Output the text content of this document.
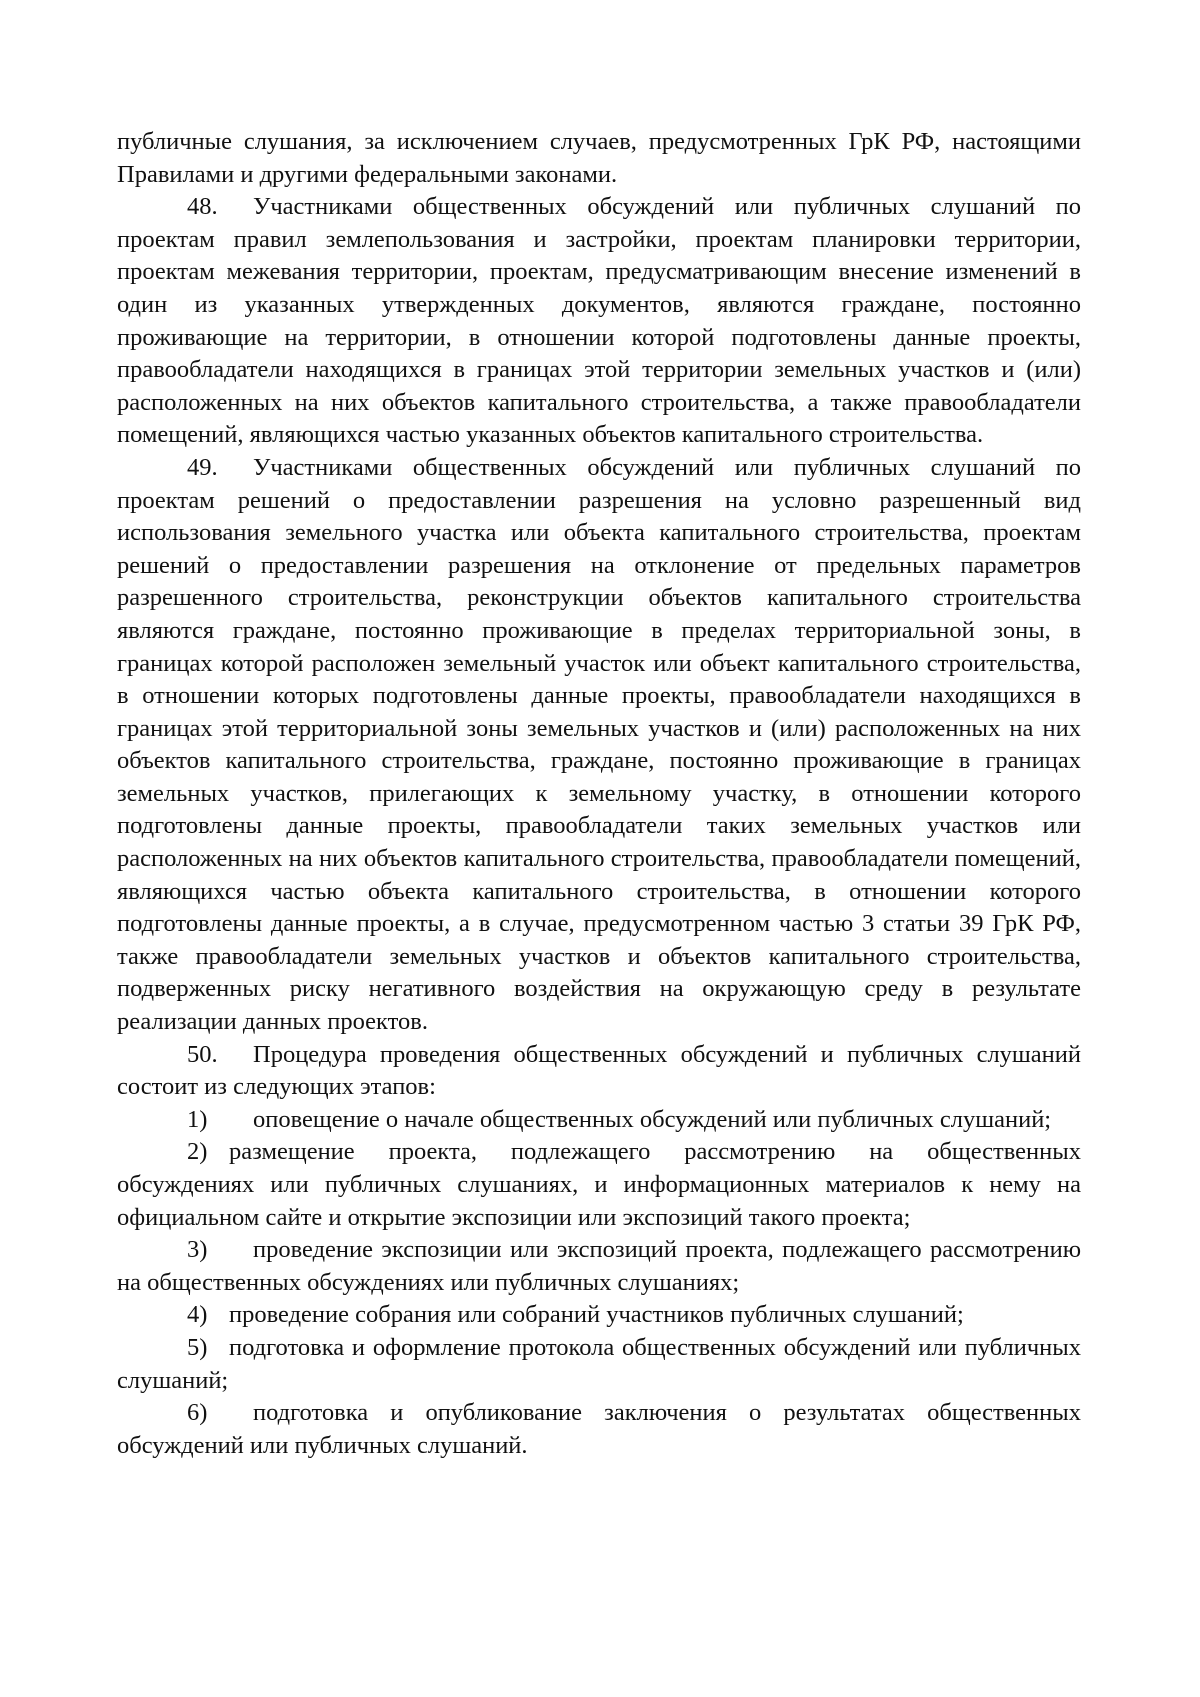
публичные слушания, за исключением случаев, предусмотренных ГрК РФ, настоящими Правилами и другими федеральными законами.

48. Участниками общественных обсуждений или публичных слушаний по проектам правил землепользования и застройки, проектам планировки территории, проектам межевания территории, проектам, предусматривающим внесение изменений в один из указанных утвержденных документов, являются граждане, постоянно проживающие на территории, в отношении которой подготовлены данные проекты, правообладатели находящихся в границах этой территории земельных участков и (или) расположенных на них объектов капитального строительства, а также правообладатели помещений, являющихся частью указанных объектов капитального строительства.

49. Участниками общественных обсуждений или публичных слушаний по проектам решений о предоставлении разрешения на условно разрешенный вид использования земельного участка или объекта капитального строительства, проектам решений о предоставлении разрешения на отклонение от предельных параметров разрешенного строительства, реконструкции объектов капитального строительства являются граждане, постоянно проживающие в пределах территориальной зоны, в границах которой расположен земельный участок или объект капитального строительства, в отношении которых подготовлены данные проекты, правообладатели находящихся в границах этой территориальной зоны земельных участков и (или) расположенных на них объектов капитального строительства, граждане, постоянно проживающие в границах земельных участков, прилегающих к земельному участку, в отношении которого подготовлены данные проекты, правообладатели таких земельных участков или расположенных на них объектов капитального строительства, правообладатели помещений, являющихся частью объекта капитального строительства, в отношении которого подготовлены данные проекты, а в случае, предусмотренном частью 3 статьи 39 ГрК РФ, также правообладатели земельных участков и объектов капитального строительства, подверженных риску негативного воздействия на окружающую среду в результате реализации данных проектов.

50. Процедура проведения общественных обсуждений и публичных слушаний состоит из следующих этапов:

1) оповещение о начале общественных обсуждений или публичных слушаний;

2) размещение проекта, подлежащего рассмотрению на общественных обсуждениях или публичных слушаниях, и информационных материалов к нему на официальном сайте и открытие экспозиции или экспозиций такого проекта;

3) проведение экспозиции или экспозиций проекта, подлежащего рассмотрению на общественных обсуждениях или публичных слушаниях;

4) проведение собрания или собраний участников публичных слушаний;

5) подготовка и оформление протокола общественных обсуждений или публичных слушаний;

6) подготовка и опубликование заключения о результатах общественных обсуждений или публичных слушаний.
